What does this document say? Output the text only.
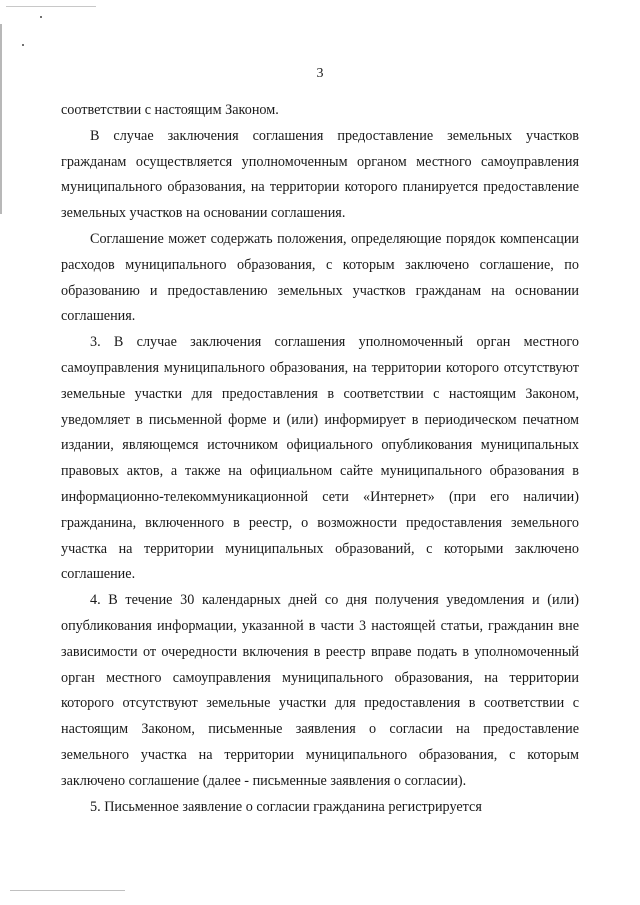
3

соответствии с настоящим Законом.

В случае заключения соглашения предоставление земельных участков гражданам осуществляется уполномоченным органом местного самоуправления муниципального образования, на территории которого планируется предоставление земельных участков на основании соглашения.

Соглашение может содержать положения, определяющие порядок компенсации расходов муниципального образования, с которым заключено соглашение, по образованию и предоставлению земельных участков гражданам на основании соглашения.

3. В случае заключения соглашения уполномоченный орган местного самоуправления муниципального образования, на территории которого отсутствуют земельные участки для предоставления в соответствии с настоящим Законом, уведомляет в письменной форме и (или) информирует в периодическом печатном издании, являющемся источником официального опубликования муниципальных правовых актов, а также на официальном сайте муниципального образования в информационно-телекоммуникационной сети «Интернет» (при его наличии) гражданина, включенного в реестр, о возможности предоставления земельного участка на территории муниципальных образований, с которыми заключено соглашение.

4. В течение 30 календарных дней со дня получения уведомления и (или) опубликования информации, указанной в части 3 настоящей статьи, гражданин вне зависимости от очередности включения в реестр вправе подать в уполномоченный орган местного самоуправления муниципального образования, на территории которого отсутствуют земельные участки для предоставления в соответствии с настоящим Законом, письменные заявления о согласии на предоставление земельного участка на территории муниципального образования, с которым заключено соглашение (далее - письменные заявления о согласии).

5. Письменное заявление о согласии гражданина регистрируется
